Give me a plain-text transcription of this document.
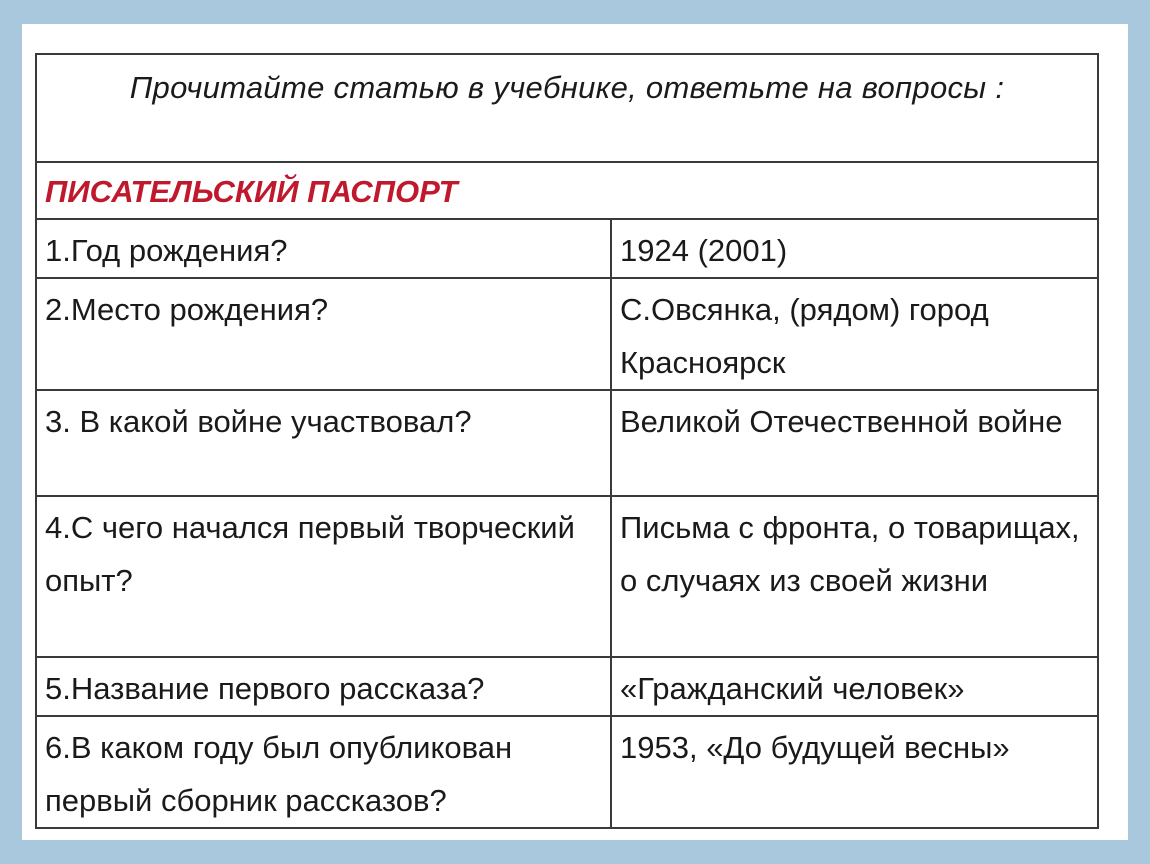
Прочитайте статью в учебнике, ответьте на вопросы :	
ПИСАТЕЛЬСКИЙ ПАСПОРТ	
1.Год рождения?	1924 (2001)
2.Место рождения?	С.Овсянка, (рядом) город Красноярск
3. В какой войне участвовал?	Великой Отечественной войне
4.С чего начался первый творческий опыт?	Письма с фронта, о товарищах, о случаях из своей жизни
5.Название первого рассказа?	«Гражданский человек»
6.В каком году был опубликован первый сборник рассказов?	1953, «До будущей весны»
